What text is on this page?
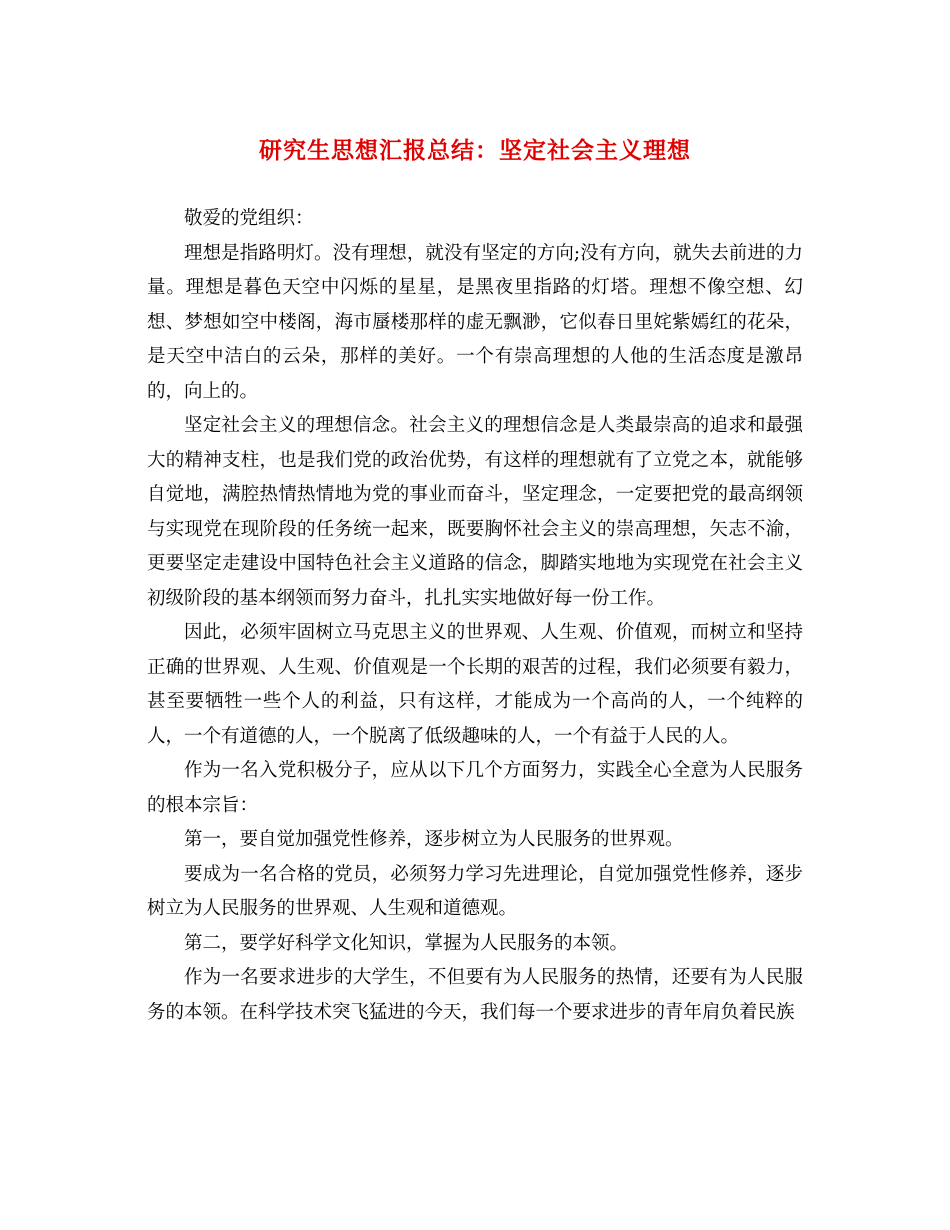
研究生思想汇报总结：坚定社会主义理想

敬爱的党组织：

理想是指路明灯。没有理想，就没有坚定的方向;没有方向，就失去前进的力量。理想是暮色天空中闪烁的星星，是黑夜里指路的灯塔。理想不像空想、幻想、梦想如空中楼阁，海市蜃楼那样的虚无飘渺，它似春日里姹紫嫣红的花朵，是天空中洁白的云朵，那样的美好。一个有崇高理想的人他的生活态度是激昂的，向上的。

坚定社会主义的理想信念。社会主义的理想信念是人类最崇高的追求和最强大的精神支柱，也是我们党的政治优势，有这样的理想就有了立党之本，就能够自觉地，满腔热情热情地为党的事业而奋斗，坚定理念，一定要把党的最高纲领与实现党在现阶段的任务统一起来，既要胸怀社会主义的崇高理想，矢志不渝，更要坚定走建设中国特色社会主义道路的信念，脚踏实地地为实现党在社会主义初级阶段的基本纲领而努力奋斗，扎扎实实地做好每一份工作。

因此，必须牢固树立马克思主义的世界观、人生观、价值观，而树立和坚持正确的世界观、人生观、价值观是一个长期的艰苦的过程，我们必须要有毅力，甚至要牺牲一些个人的利益，只有这样，才能成为一个高尚的人，一个纯粹的人，一个有道德的人，一个脱离了低级趣味的人，一个有益于人民的人。

作为一名入党积极分子，应从以下几个方面努力，实践全心全意为人民服务的根本宗旨：

第一，要自觉加强党性修养，逐步树立为人民服务的世界观。

要成为一名合格的党员，必须努力学习先进理论，自觉加强党性修养，逐步树立为人民服务的世界观、人生观和道德观。

第二，要学好科学文化知识，掌握为人民服务的本领。

作为一名要求进步的大学生，不但要有为人民服务的热情，还要有为人民服务的本领。在科学技术突飞猛进的今天，我们每一个要求进步的青年肩负着民族
